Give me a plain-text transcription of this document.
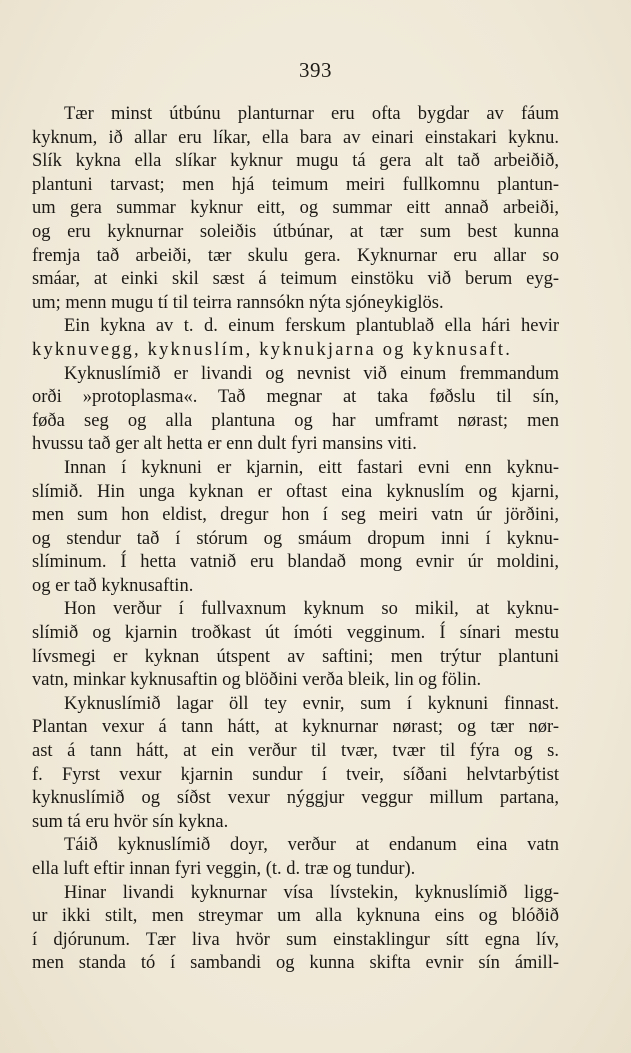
393
Tær minst útbúnu planturnar eru ofta bygdar av fáum
kyknum, ið allar eru líkar, ella bara av einari einstakari kyknu.
Slík kykna ella slíkar kyknur mugu tá gera alt tað arbeiðið,
plantuni tarvast; men hjá teimum meiri fullkomnu plantun-
um gera summar kyknur eitt, og summar eitt annað arbeiði,
og eru kyknurnar soleiðis útbúnar, at tær sum best kunna
fremja tað arbeiði, tær skulu gera. Kyknurnar eru allar so
smáar, at einki skil sæst á teimum einstöku við berum eyg-
um; menn mugu tí til teirra rannsókn nýta sjóneykiglös.
Ein kykna av t. d. einum ferskum plantublað ella hári hevir
kyknuvegg, kyknuslím, kyknukjarna og kyknusaft.
Kyknuslímið er livandi og nevnist við einum fremmandum
orði »protoplasma«. Tað megnar at taka føðslu til sín,
føða seg og alla plantuna og har umframt nørast; men
hvussu tað ger alt hetta er enn dult fyri mansins viti.
Innan í kyknuni er kjarnin, eitt fastari evni enn kyknu-
slímið. Hin unga kyknan er oftast eina kyknuslím og kjarni,
men sum hon eldist, dregur hon í seg meiri vatn úr jörðini,
og stendur tað í stórum og smáum dropum inni í kyknu-
slíminum. Í hetta vatnið eru blandað mong evnir úr moldini,
og er tað kyknusaftin.
Hon verður í fullvaxnum kyknum so mikil, at kyknu-
slímið og kjarnin troðkast út ímóti vegginum. Í sínari mestu
lívsmegi er kyknan útspent av saftini; men trýtur plantuni
vatn, minkar kyknusaftin og blöðini verða bleik, lin og fölin.
Kyknuslímið lagar öll tey evnir, sum í kyknuni finnast.
Plantan vexur á tann hátt, at kyknurnar nørast; og tær nør-
ast á tann hátt, at ein verður til tvær, tvær til fýra og s.
f. Fyrst vexur kjarnin sundur í tveir, síðani helvtarbýtist
kyknuslímið og síðst vexur nýggjur veggur millum partana,
sum tá eru hvör sín kykna.
Táið kyknuslímið doyr, verður at endanum eina vatn
ella luft eftir innan fyri veggin, (t. d. træ og tundur).
Hinar livandi kyknurnar vísa lívstekin, kyknuslímið ligg-
ur ikki stilt, men streymar um alla kyknuna eins og blóðið
í djórunum. Tær liva hvör sum einstaklingur sítt egna lív,
men standa tó í sambandi og kunna skifta evnir sín ámill-
